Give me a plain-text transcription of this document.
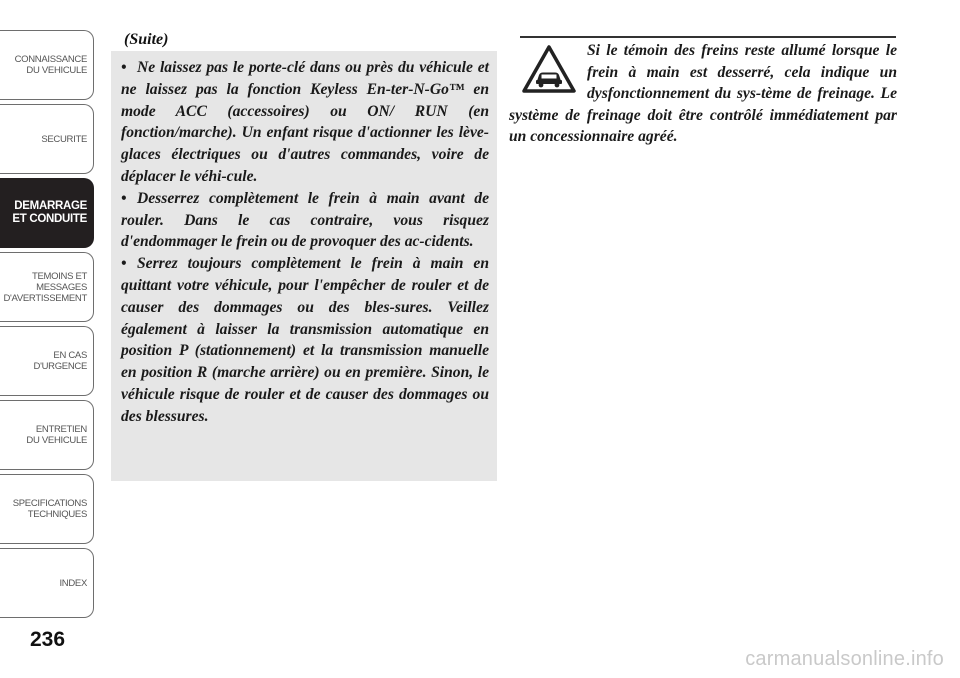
CONNAISSANCE
DU VEHICULE
SECURITE
DEMARRAGE
ET CONDUITE
TEMOINS ET
MESSAGES
D'AVERTISSEMENT
EN CAS
D'URGENCE
ENTRETIEN
DU VEHICULE
SPECIFICATIONS
TECHNIQUES
INDEX
236
(Suite)

• Ne laissez pas le porte-clé dans ou près du véhicule et ne laissez pas la fonction Keyless En-ter-N-Go™ en mode ACC (accessoires) ou ON/ RUN (en fonction/marche). Un enfant risque d'actionner les lève-glaces électriques ou d'autres commandes, voire de déplacer le véhi-cule.

• Desserrez complètement le frein à main avant de rouler. Dans le cas contraire, vous risquez d'endommager le frein ou de provoquer des ac-cidents.

• Serrez toujours complètement le frein à main en quittant votre véhicule, pour l'empêcher de rouler et de causer des dommages ou des bles-sures. Veillez également à laisser la transmission automatique en position P (stationnement) et la transmission manuelle en position R (marche arrière) ou en première. Sinon, le véhicule risque de rouler et de causer des dommages ou des blessures.

Si le témoin des freins reste allumé lorsque le frein à main est desserré, cela indique un dysfonctionnement du sys-tème de freinage. Le système de freinage doit être contrôlé immédiatement par un concessionnaire agréé.
carmanualsonline.info
